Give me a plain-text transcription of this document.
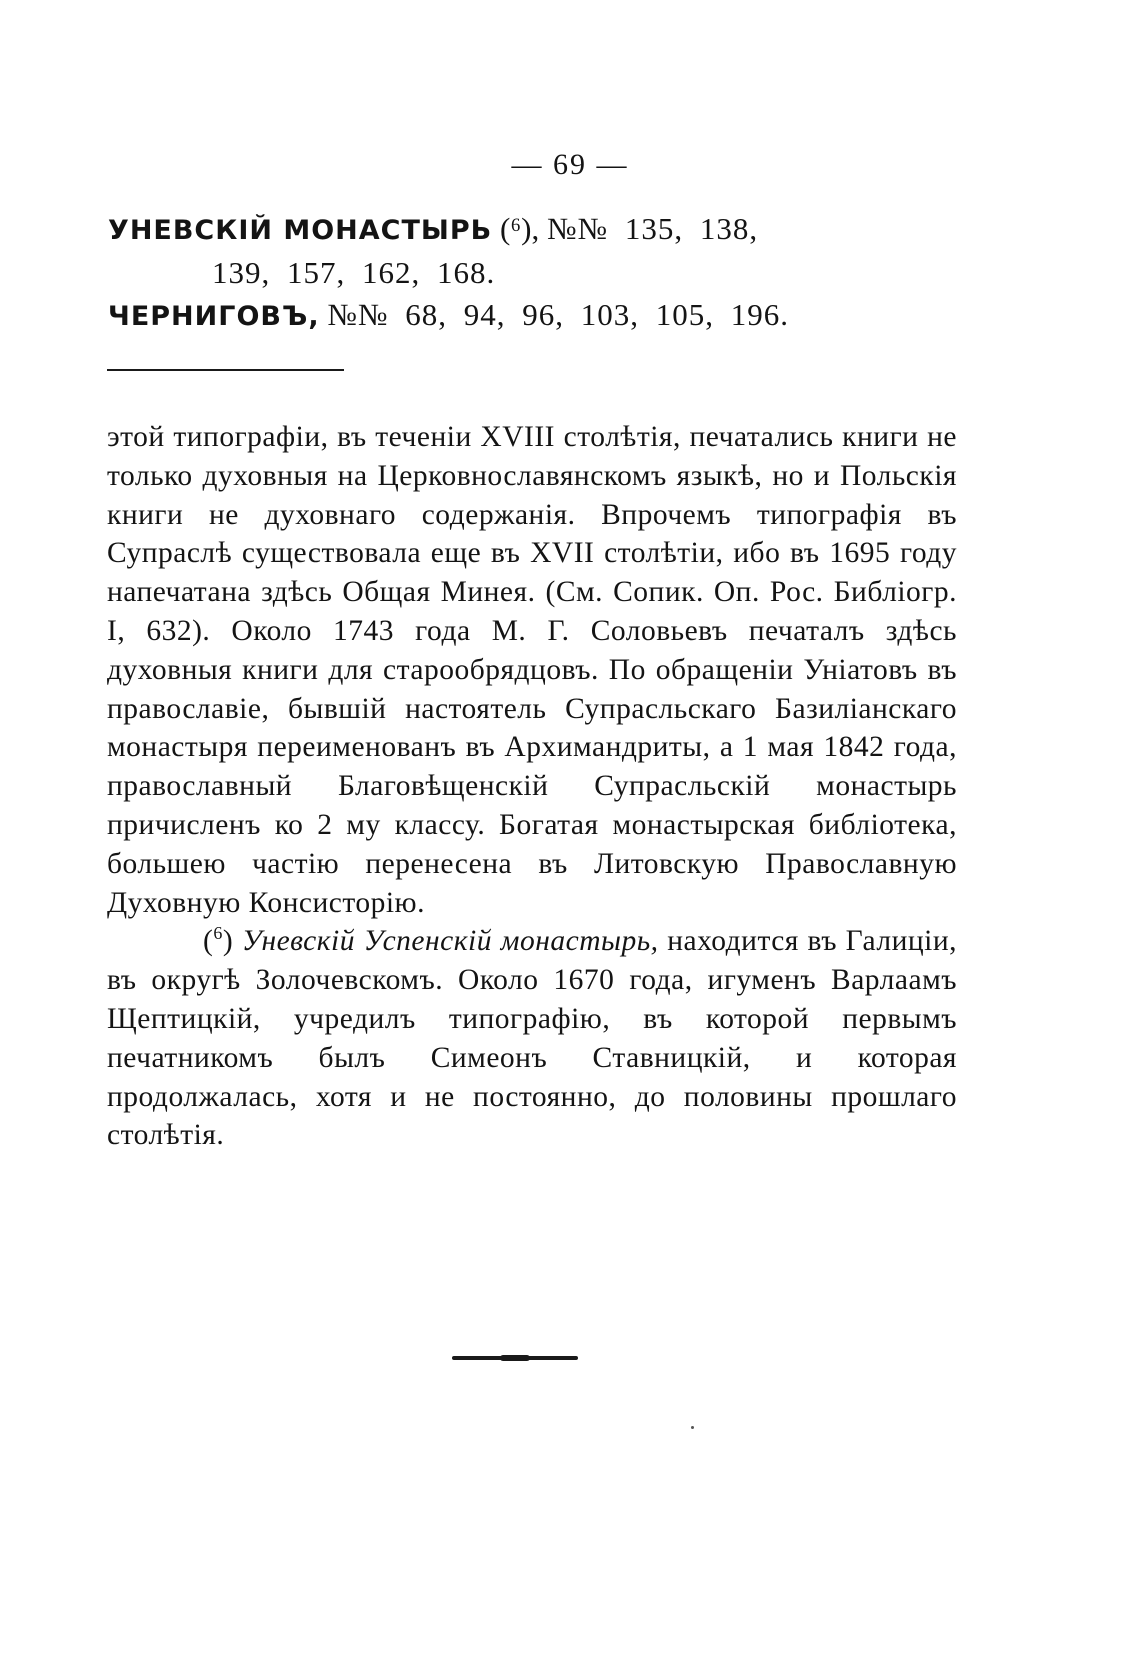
— 69 —

УНЕВСКІЙ МОНАСТЫРЬ (⁶), №№ 135, 138,
139, 157, 162, 168.

ЧЕРНИГОВЪ, №№ 68, 94, 96, 103, 105, 196.

этой типографіи, въ теченіи XVIII столѣтія, печатались книги не только духовныя на Церковнославянскомъ языкѣ, но и Польскія книги не духовнаго содержанія. Впрочемъ типографія въ Супраслѣ существовала еще въ XVII столѣтіи, ибо въ 1695 году напечатана здѣсь Общая Минея. (См. Сопик. Оп. Рос. Библіогр. I, 632). Около 1743 года М. Г. Соловьевъ печаталъ здѣсь духовныя книги для старообрядцовъ. По обращеніи Уніатовъ въ православіе, бывшій настоятель Супрасльскаго Базиліанскаго монастыря переименованъ въ Архимандриты, а 1 мая 1842 года, православный Благовѣщенскій Супрасльскій монастырь причисленъ ко 2 му классу. Богатая монастырская библіотека, большею частію перенесена въ Литовскую Православную Духовную Консисторію.

($^6$) Уневскій Успенскій монастырь, находится въ Галиціи, въ округѣ Золочевскомъ. Около 1670 года, игуменъ Варлаамъ Щептицкій, учредилъ типографію, въ которой первымъ печатникомъ былъ Симеонъ Ставницкій, и которая продолжалась, хотя и не постоянно, до половины прошлаго столѣтія.
